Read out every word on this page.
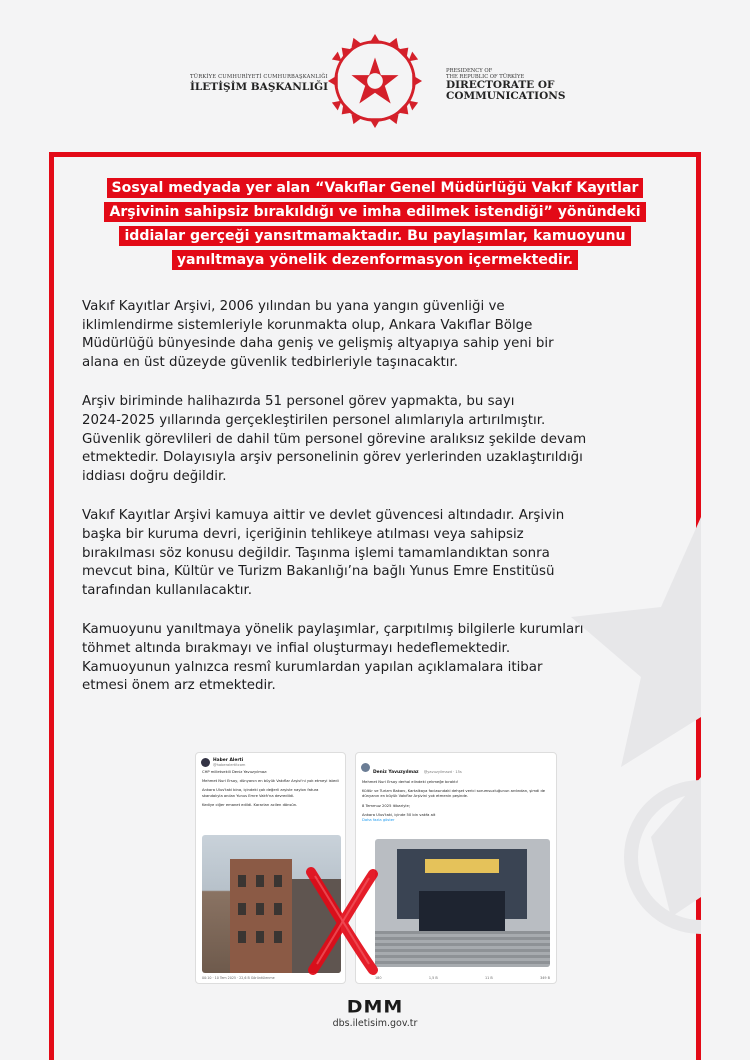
TÜRKİYE CUMHURİYETİ CUMHURBAŞKANLIĞI
İLETİŞİM BAŞKANLIĞI
PRESIDENCY OF
THE REPUBLIC OF TÜRKİYE
DIRECTORATE OF
COMMUNICATIONS
Sosyal medyada yer alan “Vakıflar Genel Müdürlüğü Vakıf Kayıtlar
Arşivinin sahipsiz bırakıldığı ve imha edilmek istendiği” yönündeki
iddialar gerçeği yansıtmamaktadır. Bu paylaşımlar, kamuoyunu
yanıltmaya yönelik dezenformasyon içermektedir.

Vakıf Kayıtlar Arşivi, 2006 yılından bu yana yangın güvenliği ve
iklimlendirme sistemleriyle korunmakta olup, Ankara Vakıflar Bölge
Müdürlüğü bünyesinde daha geniş ve gelişmiş altyapıya sahip yeni bir
alana en üst düzeyde güvenlik tedbirleriyle taşınacaktır.

Arşiv biriminde halihazırda 51 personel görev yapmakta, bu sayı
2024-2025 yıllarında gerçekleştirilen personel alımlarıyla artırılmıştır.
Güvenlik görevlileri de dahil tüm personel görevine aralıksız şekilde devam
etmektedir. Dolayısıyla arşiv personelinin görev yerlerinden uzaklaştırıldığı
iddiası doğru değildir.

Vakıf Kayıtlar Arşivi kamuya aittir ve devlet güvencesi altındadır. Arşivin
başka bir kuruma devri, içeriğinin tehlikeye atılması veya sahipsiz
bırakılması söz konusu değildir. Taşınma işlemi tamamlandıktan sonra
mevcut bina, Kültür ve Turizm Bakanlığı’na bağlı Yunus Emre Enstitüsü
tarafından kullanılacaktır.

Kamuoyunu yanıltmaya yönelik paylaşımlar, çarpıtılmış bilgilerle kurumları
töhmet altında bırakmayı ve infial oluşturmayı hedeflemektedir.
Kamuoyunun yalnızca resmî kurumlardan yapılan açıklamalara itibar
etmesi önem arz etmektedir.

Haber Alerti
@haberalertitcom
CHP milletvekili Deniz Yavuzyılmaz:
Mehmet Nuri Ersoy, dünyanın en büyük Vakıflar Arşivi'ni yok etmeyi istedi
Ankara Ulus'taki bina, içindeki çok değerli arşivle naylon fatura skandalıyla anılan Yunus Emre Vakfı'na devredildi.
Kediye ciğer emanet edildi. Kararları acilen dönsün.
00:10 · 10 Tem 2025 · 22,6 B Görüntülenme
Deniz Yavuzyılmaz @yavuzyilmazd · 15s
Mehmet Nuri Ersoy derhal elindeki çekmeğe bıraktı!
Kültür ve Turizm Bakanı, Kartalkaya faciasındaki dehşet verici sorumsuzluğunun ardından, şimdi de dünyanın en büyük Vakıflar Arşivini yok etmenin peşinde.
8 Temmuz 2025 itibariyle;
Ankara Ulus'taki, içinde 50 bin vakfa ait
Daha fazla göster
180	1,5 B	11 B	349 B
DMM
dbs.iletisim.gov.tr
